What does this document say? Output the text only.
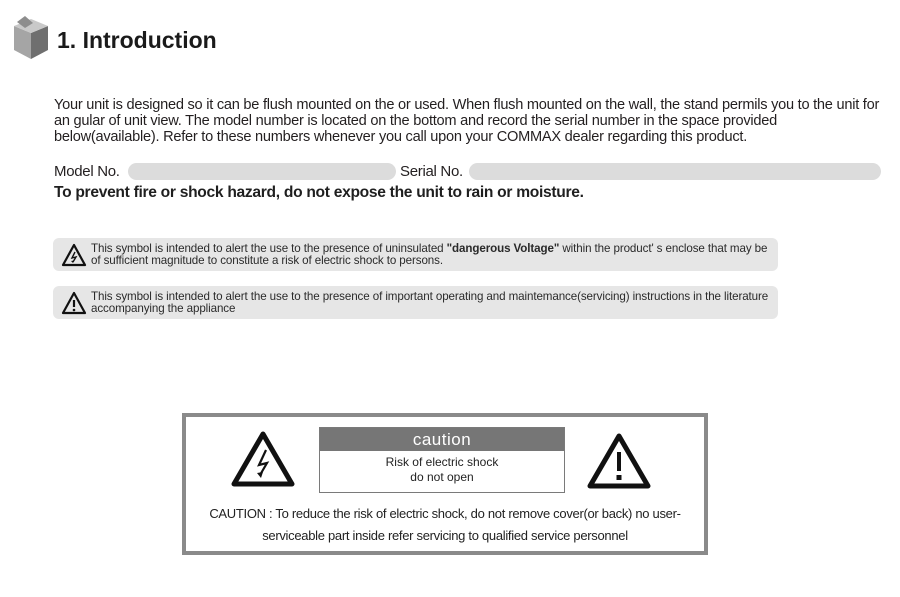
1. Introduction

Your unit is designed so it can be flush mounted on the or used. When flush mounted on the wall, the stand permils you to the unit for an gular of unit view. The model number is located on the bottom and record the serial number in the space provided below(available). Refer to these numbers whenever you call upon your COMMAX dealer regarding this product.

Model No.	Serial No.

To prevent fire or shock hazard, do not expose the unit to rain or moisture.

This symbol is intended to alert the use to the presence of uninsulated "dangerous Voltage" within the product' s enclose that may be of sufficient magnitude to constitute a risk of electric shock to persons.

This symbol is intended to alert the use to the presence of important operating and maintemance(servicing) instructions in the literature accompanying the appliance

caution
Risk of electric shock
do not open

CAUTION : To reduce the risk of electric shock, do not remove cover(or back) no user-serviceable part inside refer servicing to qualified service personnel
